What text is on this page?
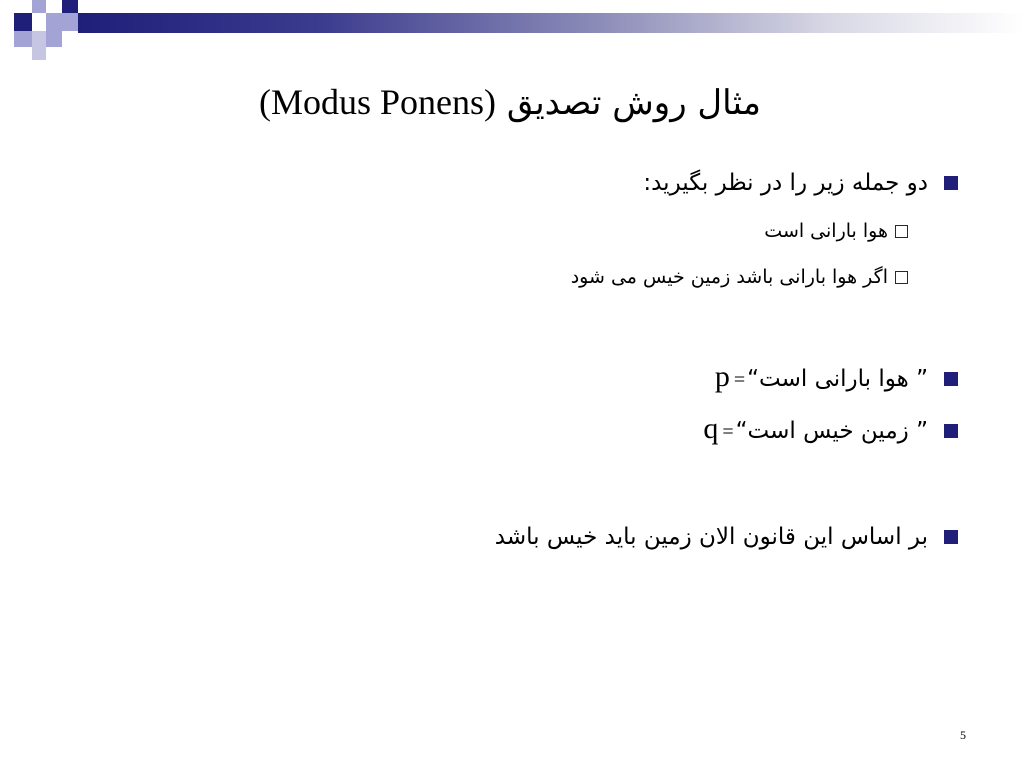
مثال روش تصدیق (Modus Ponens)
دو جمله زیر را در نظر بگیرید:
هوا بارانی است
اگر هوا بارانی باشد زمین خیس می شود
p = ” هوا بارانی است“
q = ” زمین خیس است“
بر اساس این قانون الان زمین باید خیس باشد
5
